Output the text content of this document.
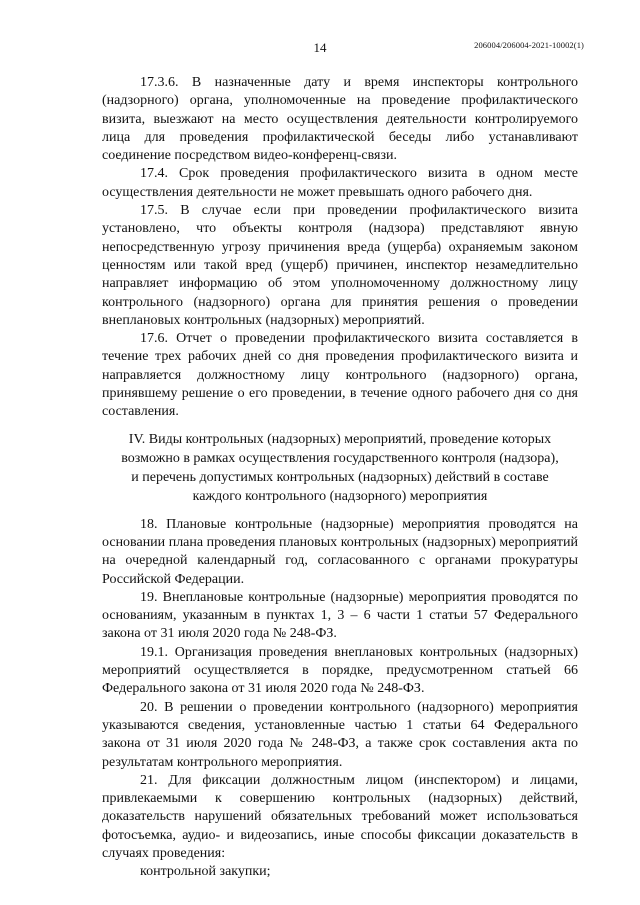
14	206004/206004-2021-10002(1)

17.3.6. В назначенные дату и время инспекторы контрольного (надзорного) органа, уполномоченные на проведение профилактического визита, выезжают на место осуществления деятельности контролируемого лица для проведения профилактической беседы либо устанавливают соединение посредством видео-конференц-связи.

17.4. Срок проведения профилактического визита в одном месте осуществления деятельности не может превышать одного рабочего дня.

17.5. В случае если при проведении профилактического визита установлено, что объекты контроля (надзора) представляют явную непосредственную угрозу причинения вреда (ущерба) охраняемым законом ценностям или такой вред (ущерб) причинен, инспектор незамедлительно направляет информацию об этом уполномоченному должностному лицу контрольного (надзорного) органа для принятия решения о проведении внеплановых контрольных (надзорных) мероприятий.

17.6. Отчет о проведении профилактического визита составляется в течение трех рабочих дней со дня проведения профилактического визита и направляется должностному лицу контрольного (надзорного) органа, принявшему решение о его проведении, в течение одного рабочего дня со дня составления.

IV. Виды контрольных (надзорных) мероприятий, проведение которых
возможно в рамках осуществления государственного контроля (надзора),
и перечень допустимых контрольных (надзорных) действий в составе
каждого контрольного (надзорного) мероприятия

18. Плановые контрольные (надзорные) мероприятия проводятся на основании плана проведения плановых контрольных (надзорных) мероприятий на очередной календарный год, согласованного с органами прокуратуры Российской Федерации.

19. Внеплановые контрольные (надзорные) мероприятия проводятся по основаниям, указанным в пунктах 1, 3 – 6 части 1 статьи 57 Федерального закона от 31 июля 2020 года № 248-ФЗ.

19.1. Организация проведения внеплановых контрольных (надзорных) мероприятий осуществляется в порядке, предусмотренном статьей 66 Федерального закона от 31 июля 2020 года № 248-ФЗ.

20. В решении о проведении контрольного (надзорного) мероприятия указываются сведения, установленные частью 1 статьи 64 Федерального закона от 31 июля 2020 года № 248-ФЗ, а также срок составления акта по результатам контрольного мероприятия.

21. Для фиксации должностным лицом (инспектором) и лицами, привлекаемыми к совершению контрольных (надзорных) действий, доказательств нарушений обязательных требований может использоваться фотосъемка, аудио- и видеозапись, иные способы фиксации доказательств в случаях проведения:

контрольной закупки;
